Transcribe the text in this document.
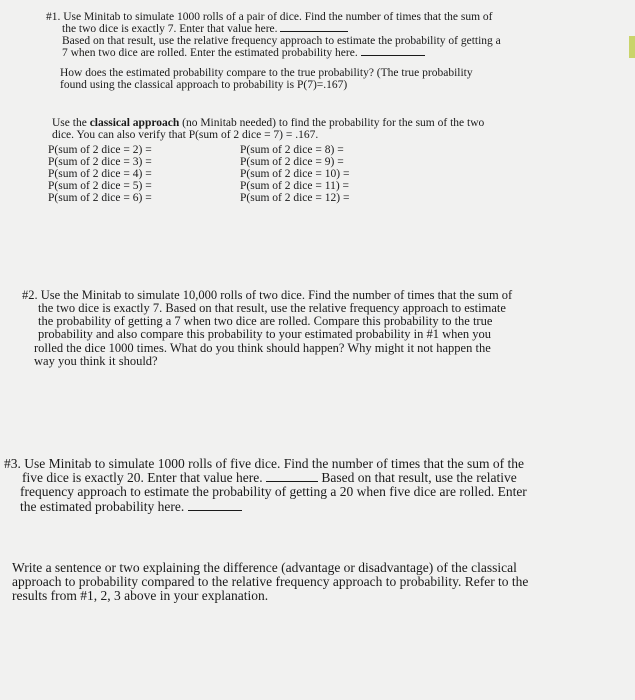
#1. Use Minitab to simulate 1000 rolls of a pair of dice. Find the number of times that the sum of
the two dice is exactly 7. Enter that value here.
Based on that result, use the relative frequency approach to estimate the probability of getting a
7 when two dice are rolled. Enter the estimated probability here.
How does the estimated probability compare to the true probability? (The true probability
found using the classical approach to probability is P(7)=.167)
Use the classical approach (no Minitab needed) to find the probability for the sum of the two
dice. You can also verify that P(sum of 2 dice = 7) = .167.
P(sum of 2 dice = 2) =	P(sum of 2 dice = 8) =
P(sum of 2 dice = 3) =	P(sum of 2 dice = 9) =
P(sum of 2 dice = 4) =	P(sum of 2 dice = 10) =
P(sum of 2 dice = 5) =	P(sum of 2 dice = 11) =
P(sum of 2 dice = 6) =	P(sum of 2 dice = 12) =
#2. Use the Minitab to simulate 10,000 rolls of two dice. Find the number of times that the sum of
the two dice is exactly 7. Based on that result, use the relative frequency approach to estimate
the probability of getting a 7 when two dice are rolled. Compare this probability to the true
probability and also compare this probability to your estimated probability in #1 when you
rolled the dice 1000 times. What do you think should happen? Why might it not happen the
way you think it should?
#3. Use Minitab to simulate 1000 rolls of five dice. Find the number of times that the sum of the
five dice is exactly 20. Enter that value here.	Based on that result, use the relative
frequency approach to estimate the probability of getting a 20 when five dice are rolled. Enter
the estimated probability here.
Write a sentence or two explaining the difference (advantage or disadvantage) of the classical
approach to probability compared to the relative frequency approach to probability. Refer to the
results from #1, 2, 3 above in your explanation.
